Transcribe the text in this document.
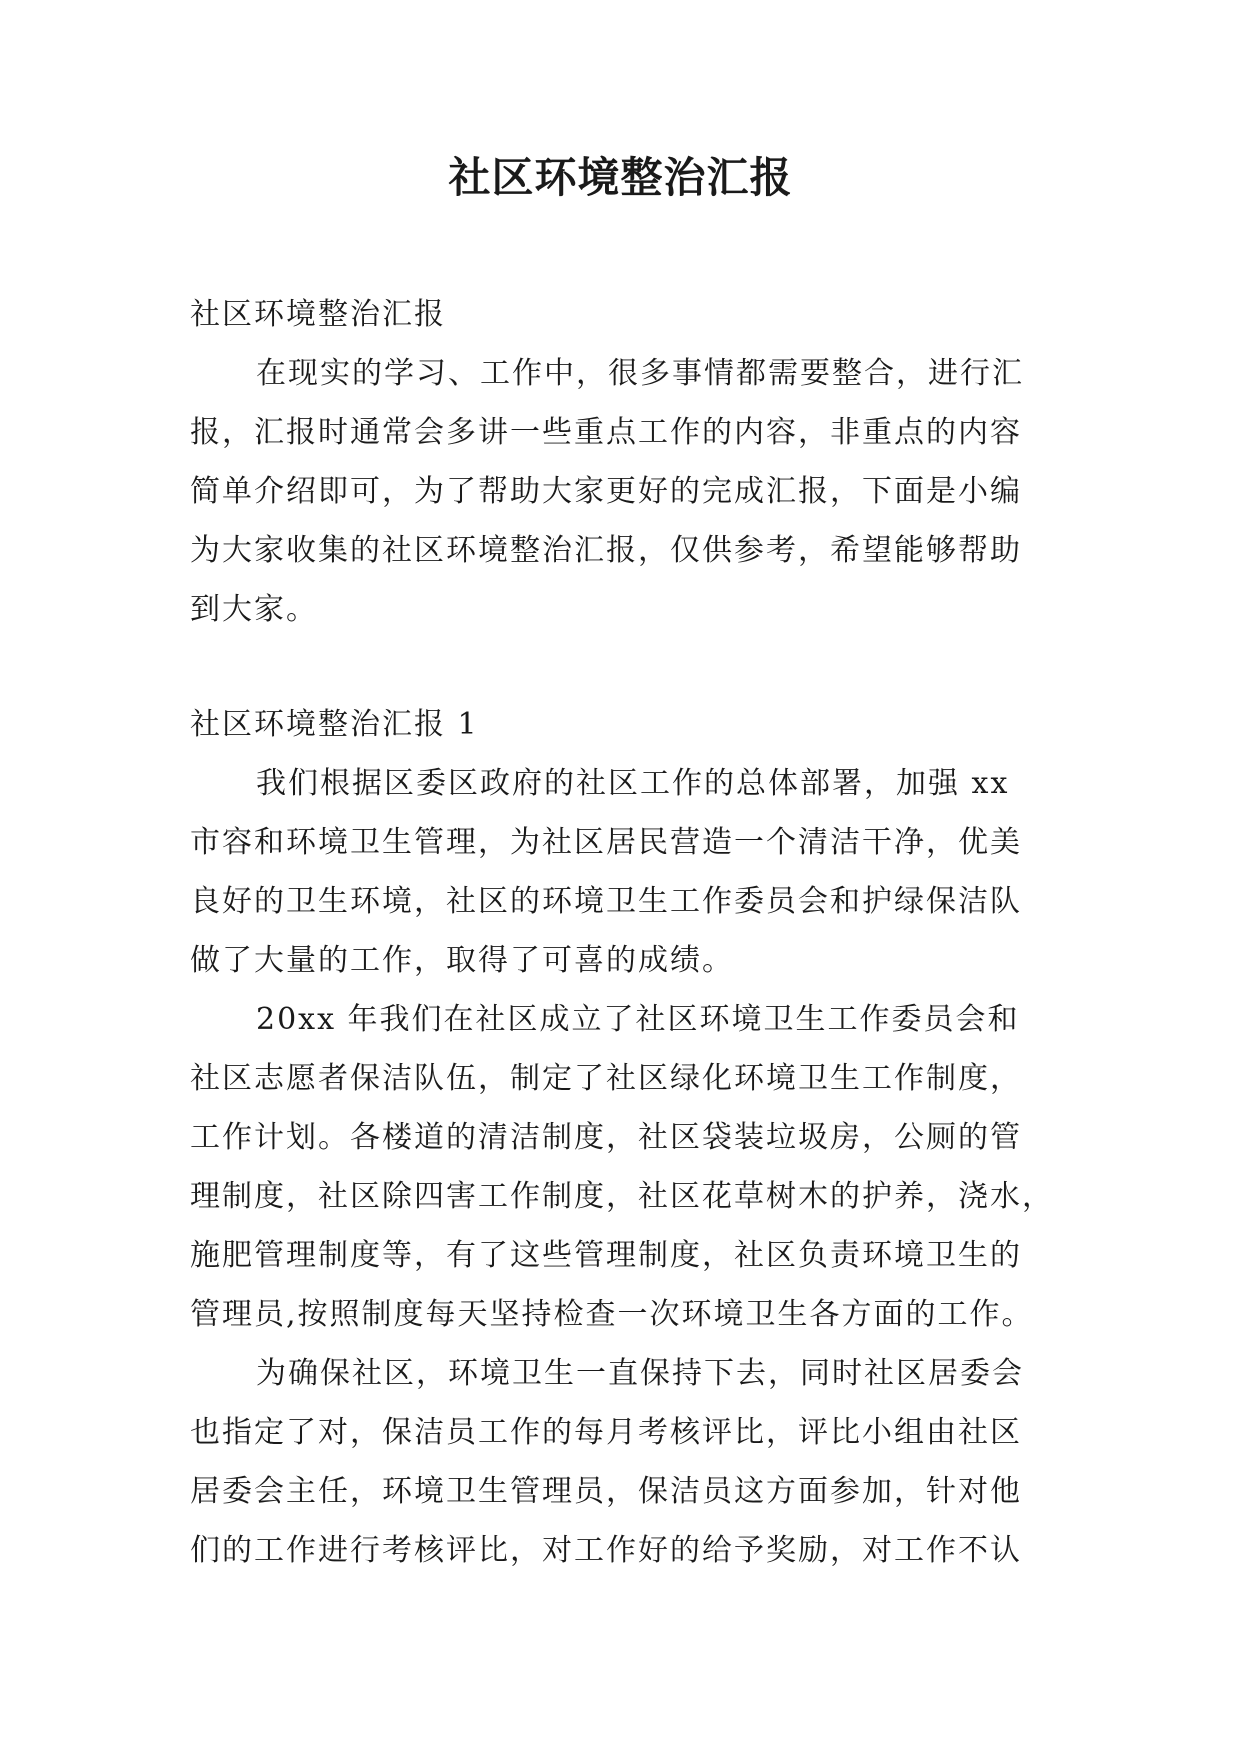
社区环境整治汇报
社区环境整治汇报
在现实的学习、工作中，很多事情都需要整合，进行汇
报，汇报时通常会多讲一些重点工作的内容，非重点的内容
简单介绍即可，为了帮助大家更好的完成汇报，下面是小编
为大家收集的社区环境整治汇报，仅供参考，希望能够帮助
到大家。
社区环境整治汇报 1
我们根据区委区政府的社区工作的总体部署，加强 xx
市容和环境卫生管理，为社区居民营造一个清洁干净，优美
良好的卫生环境，社区的环境卫生工作委员会和护绿保洁队
做了大量的工作，取得了可喜的成绩。
20xx 年我们在社区成立了社区环境卫生工作委员会和
社区志愿者保洁队伍，制定了社区绿化环境卫生工作制度，
工作计划。各楼道的清洁制度，社区袋装垃圾房，公厕的管
理制度，社区除四害工作制度，社区花草树木的护养，浇水，
施肥管理制度等，有了这些管理制度，社区负责环境卫生的
管理员,按照制度每天坚持检查一次环境卫生各方面的工作。
为确保社区，环境卫生一直保持下去，同时社区居委会
也指定了对，保洁员工作的每月考核评比，评比小组由社区
居委会主任，环境卫生管理员，保洁员这方面参加，针对他
们的工作进行考核评比，对工作好的给予奖励，对工作不认
